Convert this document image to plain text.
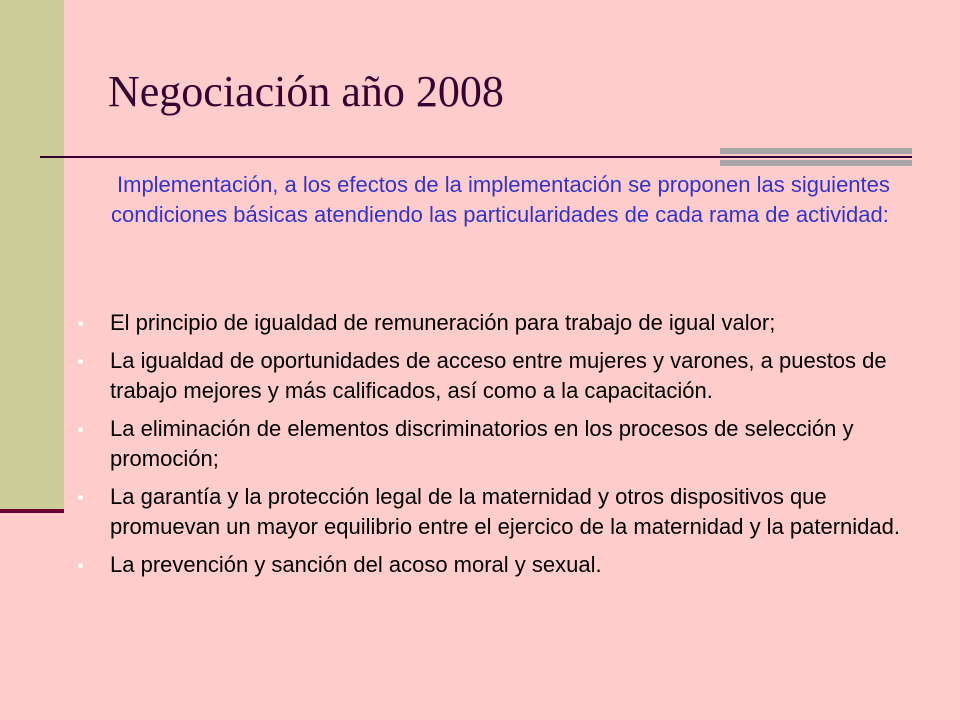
Negociación año 2008

Implementación, a los efectos de la implementación se proponen las siguientes condiciones básicas atendiendo las particularidades de cada rama de actividad:

El principio de igualdad de remuneración para trabajo de igual valor;
La igualdad de oportunidades de acceso entre mujeres y varones, a puestos de trabajo mejores y más calificados, así como a la capacitación.
La eliminación de elementos discriminatorios en los procesos de selección y promoción;
La garantía y la protección legal de la maternidad y otros dispositivos que promuevan un mayor equilibrio entre el ejercico de la maternidad y la paternidad.
La prevención y sanción del acoso moral y sexual.
